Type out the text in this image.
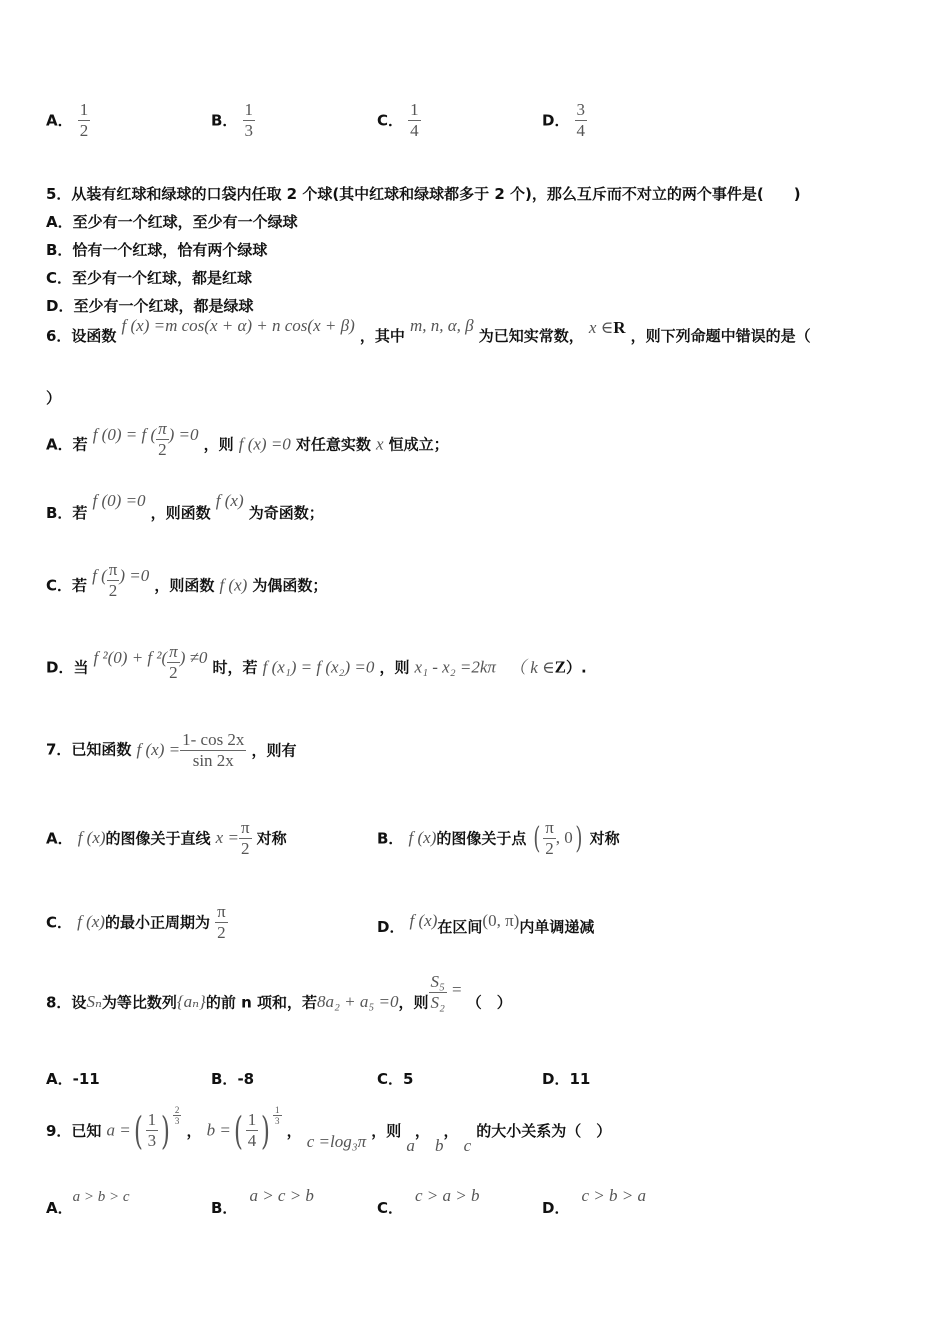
A． $\frac{1}{2}$	B． $\frac{1}{3}$	C． $\frac{1}{4}$	D． $\frac{3}{4}$
5．从装有红球和绿球的口袋内任取 2 个球(其中红球和绿球都多于 2 个)，那么互斥而不对立的两个事件是(　　)
A．至少有一个红球，至少有一个绿球
B．恰有一个红球，恰有两个绿球
C．至少有一个红球，都是红球
D．至少有一个红球，都是绿球
6．设函数 f (x) =m cos(x + α) + n cos(x + β) ，其中 m, n, α, β 为已知实常数， x ∈R ，则下列命题中错误的是（
）
A．若 f (0) = f ( $\frac{\pi}{2}$ ) =0 ，则 f (x) =0 对任意实数 x 恒成立；
B．若 f (0) =0 ，则函数 f (x) 为奇函数；
C．若 f ( $\frac{\pi}{2}$ ) =0 ，则函数 f (x) 为偶函数；
D．当 f ²(0) + f $^2( \frac{\pi}{2}$ ) ≠0 时，若 f (x₁) = f (x₂) =0 ，则 x₁ - x₂ =2kπ （ k ∈Z）.
7．已知函数 f $(x) = \frac{1- \cos 2x}{\sin 2x}$ ，则有
A． f (x)的图像关于直线 $x = \frac{\pi}{2}$ 对称	B． f (x)的图像关于点 ( $\frac{\pi}{2}$ , 0) 对称
C． f (x)的最小正周期为 $\frac{\pi}{2}$	D． f (x)在区间(0, π)内单调递减
8．设Sₙ为等比数列{aₙ}的前 n 项和，若8a₂ + a₅ =0，则 $\frac{\text{S₅}}{\text{S₂}}$ = （　）
A．-11	B．-8	C．5	D．11
9．已知 a =( $\frac{1}{3}$ ) $\frac{2}{3}$
， b =( $\frac{1}{4}$ ) $\frac{1}{3}$
， c =log₃π ，则 a， b， c 的大小关系为（　）
A．a > b > c
B．a > c > b
C．c > a > b
D．c > b > a
